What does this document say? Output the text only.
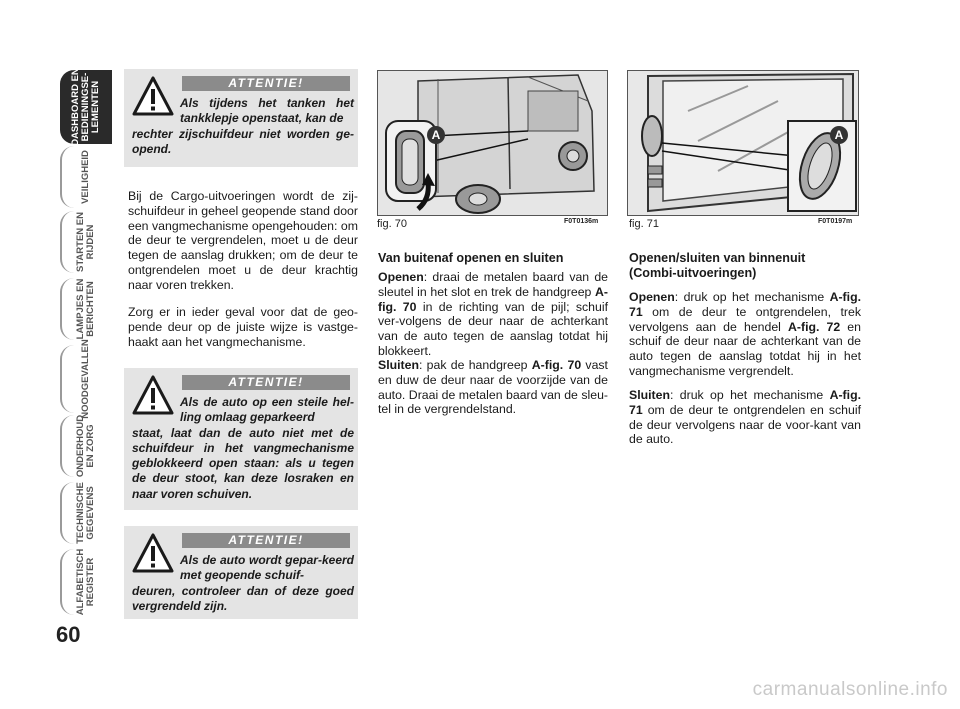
DASHBOARD EN BEDIENINGSE- LEMENTEN
VEILIGHEID
STARTEN EN RIJDEN
LAMPJES EN BERICHTEN
NOODGEVALLEN
ONDERHOUD EN ZORG
TECHNISCHE GEGEVENS
ALFABETISCH REGISTER
60
ATTENTIE!
Als tijdens het tanken het tankklepje openstaat, kan de
rechter zijschuifdeur niet worden ge-opend.
Bij de Cargo-uitvoeringen wordt de zij-schuifdeur in geheel geopende stand door een vangmechanisme opengehouden: om de deur te vergrendelen, moet u de deur tegen de aanslag drukken; om de deur te ontgrendelen moet u de deur krachtig naar voren trekken.
Zorg er in ieder geval voor dat de geo-pende deur op de juiste wijze is vastge-haakt aan het vangmechanisme.
ATTENTIE!
Als de auto op een steile hel-ling omlaag geparkeerd
staat, laat dan de auto niet met de schuifdeur in het vangmechanisme geblokkeerd open staan: als u tegen de deur stoot, kan deze losraken en naar voren schuiven.
ATTENTIE!
Als de auto wordt gepar-keerd met geopende schuif-
deuren, controleer dan of deze goed vergrendeld zijn.
A
fig. 70	F0T0136m
A
fig. 71	F0T0197m
Van buitenaf openen en sluiten
Openen: draai de metalen baard van de sleutel in het slot en trek de handgreep A-fig. 70 in de richting van de pijl; schuif ver-volgens de deur naar de achterkant van de auto tegen de aanslag totdat hij blokkeert.
Sluiten: pak de handgreep A-fig. 70 vast en duw de deur naar de voorzijde van de auto. Draai de metalen baard van de sleu-tel in de vergrendelstand.
Openen/sluiten van binnenuit
(Combi-uitvoeringen)
Openen: druk op het mechanisme A-fig. 71 om de deur te ontgrendelen, trek vervolgens aan de hendel A-fig. 72 en schuif de deur naar de achterkant van de auto tegen de aanslag totdat hij in het vangmechanisme vergrendelt.
Sluiten: druk op het mechanisme A-fig. 71 om de deur te ontgrendelen en schuif de deur vervolgens naar de voor-kant van de auto.
carmanualsonline.info
